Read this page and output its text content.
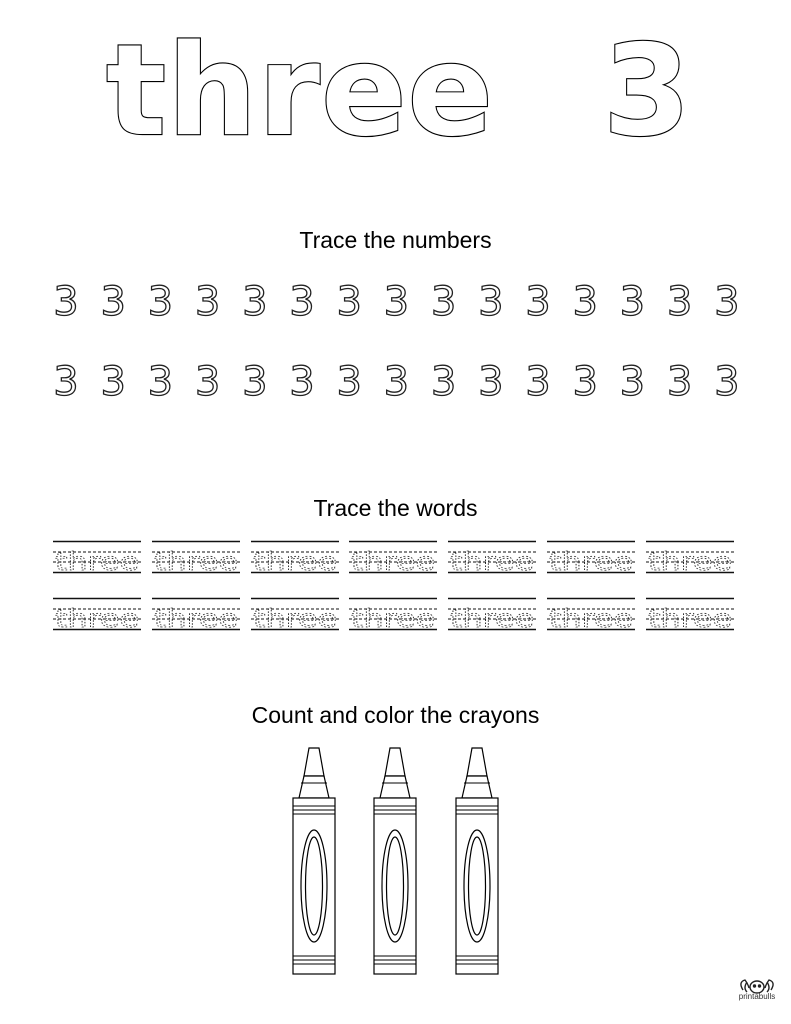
three 3
Trace the numbers
3 3 3 3 3 3 3 3 3 3 3 3 3 3 3
3 3 3 3 3 3 3 3 3 3 3 3 3 3 3
Trace the words
three three three three three three three
three three three three three three three
Count and color the crayons
printabulls
